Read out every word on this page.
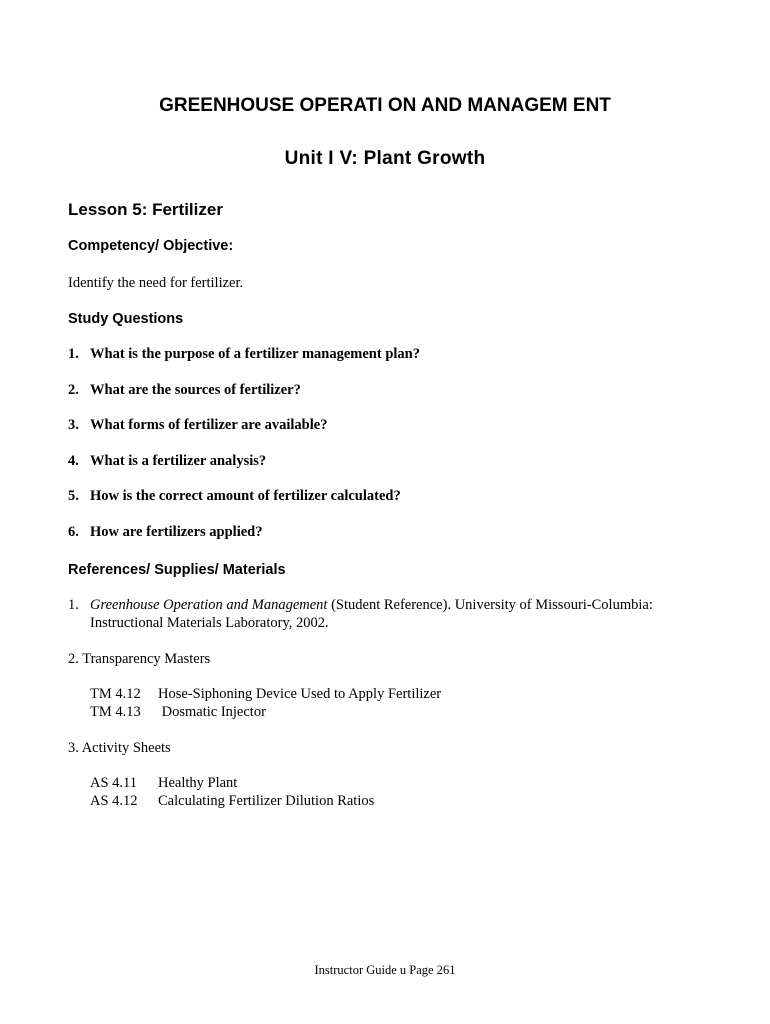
GREENHOUSE OPERATI ON AND MANAGEM ENT
Unit I V: Plant Growth
Lesson 5: Fertilizer
Competency/ Objective:
Identify the need for fertilizer.
Study Questions
1. What is the purpose of a fertilizer management plan?
2. What are the sources of fertilizer?
3. What forms of fertilizer are available?
4. What is a fertilizer analysis?
5. How is the correct amount of fertilizer calculated?
6. How are fertilizers applied?
References/ Supplies/ Materials
1. Greenhouse Operation and Management (Student Reference). University of Missouri-Columbia:
Instructional Materials Laboratory, 2002.
2. Transparency Masters
TM 4.12 Hose-Siphoning Device Used to Apply Fertilizer
TM 4.13 Dosmatic Injector
3. Activity Sheets
AS 4.11 Healthy Plant
AS 4.12 Calculating Fertilizer Dilution Ratios
Instructor Guide u Page 261
